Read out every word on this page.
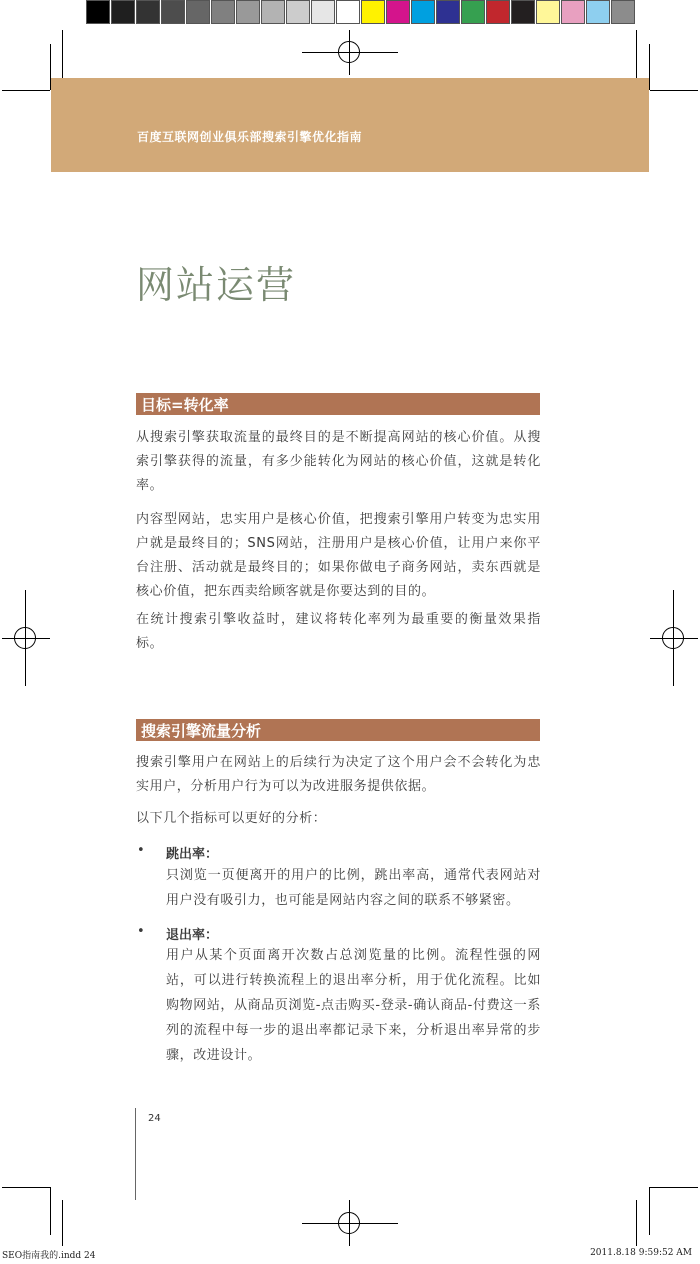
百度互联网创业俱乐部搜索引擎优化指南
网站运营
目标=转化率

从搜索引擎获取流量的最终目的是不断提高网站的核心价值。从搜索引擎获得的流量，有多少能转化为网站的核心价值，这就是转化率。

内容型网站，忠实用户是核心价值，把搜索引擎用户转变为忠实用户就是最终目的；SNS网站，注册用户是核心价值，让用户来你平台注册、活动就是最终目的；如果你做电子商务网站，卖东西就是核心价值，把东西卖给顾客就是你要达到的目的。

在统计搜索引擎收益时，建议将转化率列为最重要的衡量效果指标。

搜索引擎流量分析

搜索引擎用户在网站上的后续行为决定了这个用户会不会转化为忠实用户，分析用户行为可以为改进服务提供依据。

以下几个指标可以更好的分析：

• 跳出率：

只浏览一页便离开的用户的比例，跳出率高，通常代表网站对用户没有吸引力，也可能是网站内容之间的联系不够紧密。

• 退出率：

用户从某个页面离开次数占总浏览量的比例。流程性强的网站，可以进行转换流程上的退出率分析，用于优化流程。比如购物网站，从商品页浏览-点击购买-登录-确认商品-付费这一系列的流程中每一步的退出率都记录下来，分析退出率异常的步骤，改进设计。

24
SEO指南我的.indd 24	2011.8.18 9:59:52 AM
